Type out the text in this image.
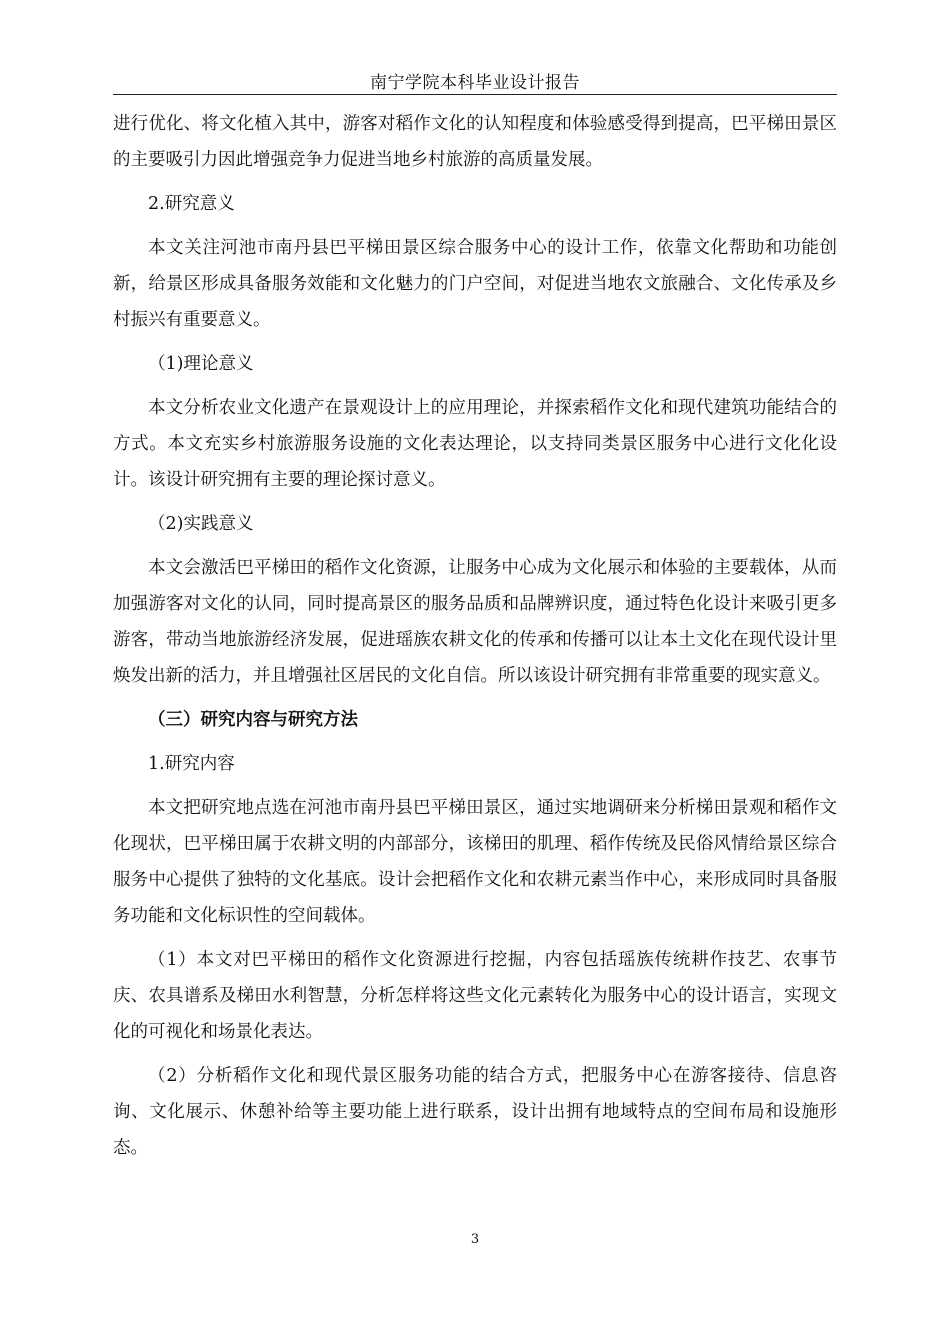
南宁学院本科毕业设计报告

进行优化、将文化植入其中，游客对稻作文化的认知程度和体验感受得到提高，巴平梯田景区的主要吸引力因此增强竞争力促进当地乡村旅游的高质量发展。

2.研究意义

本文关注河池市南丹县巴平梯田景区综合服务中心的设计工作，依靠文化帮助和功能创新，给景区形成具备服务效能和文化魅力的门户空间，对促进当地农文旅融合、文化传承及乡村振兴有重要意义。

（1)理论意义

本文分析农业文化遗产在景观设计上的应用理论，并探索稻作文化和现代建筑功能结合的方式。本文充实乡村旅游服务设施的文化表达理论，以支持同类景区服务中心进行文化化设计。该设计研究拥有主要的理论探讨意义。

（2)实践意义

本文会激活巴平梯田的稻作文化资源，让服务中心成为文化展示和体验的主要载体，从而加强游客对文化的认同，同时提高景区的服务品质和品牌辨识度，通过特色化设计来吸引更多游客，带动当地旅游经济发展，促进瑶族农耕文化的传承和传播可以让本土文化在现代设计里焕发出新的活力，并且增强社区居民的文化自信。所以该设计研究拥有非常重要的现实意义。

（三）研究内容与研究方法

1.研究内容

本文把研究地点选在河池市南丹县巴平梯田景区，通过实地调研来分析梯田景观和稻作文化现状，巴平梯田属于农耕文明的内部部分，该梯田的肌理、稻作传统及民俗风情给景区综合服务中心提供了独特的文化基底。设计会把稻作文化和农耕元素当作中心，来形成同时具备服务功能和文化标识性的空间载体。

（1）本文对巴平梯田的稻作文化资源进行挖掘，内容包括瑶族传统耕作技艺、农事节庆、农具谱系及梯田水利智慧，分析怎样将这些文化元素转化为服务中心的设计语言，实现文化的可视化和场景化表达。

（2）分析稻作文化和现代景区服务功能的结合方式，把服务中心在游客接待、信息咨询、文化展示、休憩补给等主要功能上进行联系，设计出拥有地域特点的空间布局和设施形态。

3
